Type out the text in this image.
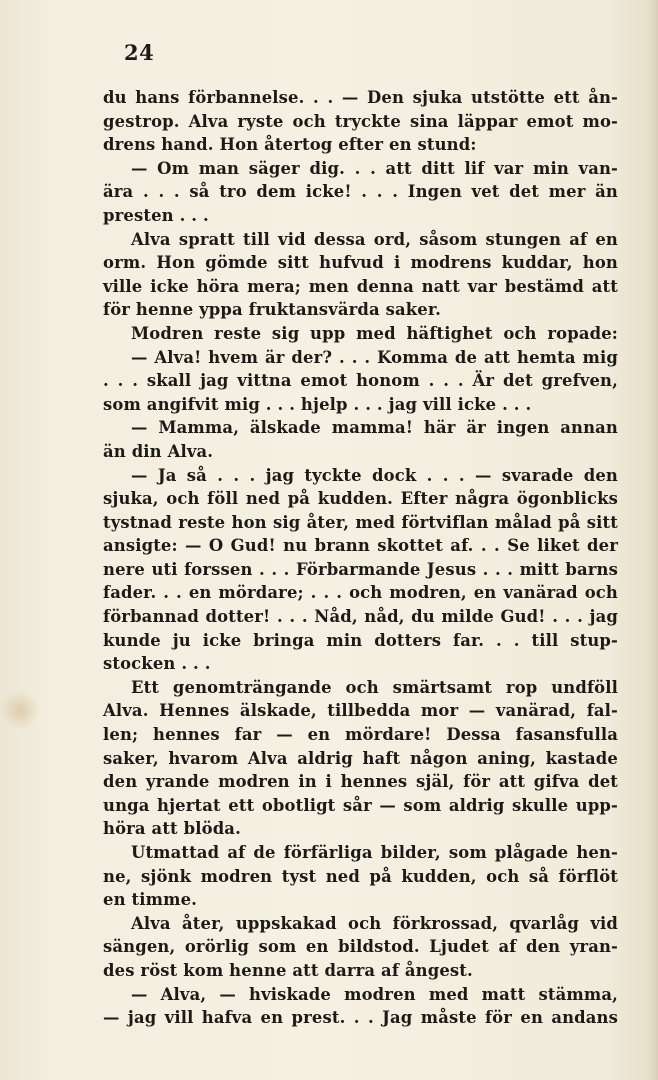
24
du hans förbannelse. . . — Den sjuka utstötte ett ån-
gestrop. Alva ryste och tryckte sina läppar emot mo-
drens hand. Hon återtog efter en stund:
— Om man säger dig. . . att ditt lif var min van-
ära . . . så tro dem icke! . . . Ingen vet det mer än
presten . . .
Alva spratt till vid dessa ord, såsom stungen af en
orm. Hon gömde sitt hufvud i modrens kuddar, hon
ville icke höra mera; men denna natt var bestämd att
för henne yppa fruktansvärda saker.
Modren reste sig upp med häftighet och ropade:
— Alva! hvem är der? . . . Komma de att hemta mig
. . . skall jag vittna emot honom . . . Är det grefven,
som angifvit mig . . . hjelp . . . jag vill icke . . .
— Mamma, älskade mamma! här är ingen annan
än din Alva.
— Ja så . . . jag tyckte dock . . . — svarade den
sjuka, och föll ned på kudden. Efter några ögonblicks
tystnad reste hon sig åter, med förtviflan målad på sitt
ansigte: — O Gud! nu brann skottet af. . . Se liket der
nere uti forssen . . . Förbarmande Jesus . . . mitt barns
fader. . . en mördare; . . . och modren, en vanärad och
förbannad dotter! . . . Nåd, nåd, du milde Gud! . . . jag
kunde ju icke bringa min dotters far. . . till stup-
stocken . . .
Ett genomträngande och smärtsamt rop undföll
Alva. Hennes älskade, tillbedda mor — vanärad, fal-
len; hennes far — en mördare! Dessa fasansfulla
saker, hvarom Alva aldrig haft någon aning, kastade
den yrande modren in i hennes själ, för att gifva det
unga hjertat ett obotligt sår — som aldrig skulle upp-
höra att blöda.
Utmattad af de förfärliga bilder, som plågade hen-
ne, sjönk modren tyst ned på kudden, och så förflöt
en timme.
Alva åter, uppskakad och förkrossad, qvarlåg vid
sängen, orörlig som en bildstod. Ljudet af den yran-
des röst kom henne att darra af ångest.
— Alva, — hviskade modren med matt stämma,
— jag vill hafva en prest. . . Jag måste för en andans
